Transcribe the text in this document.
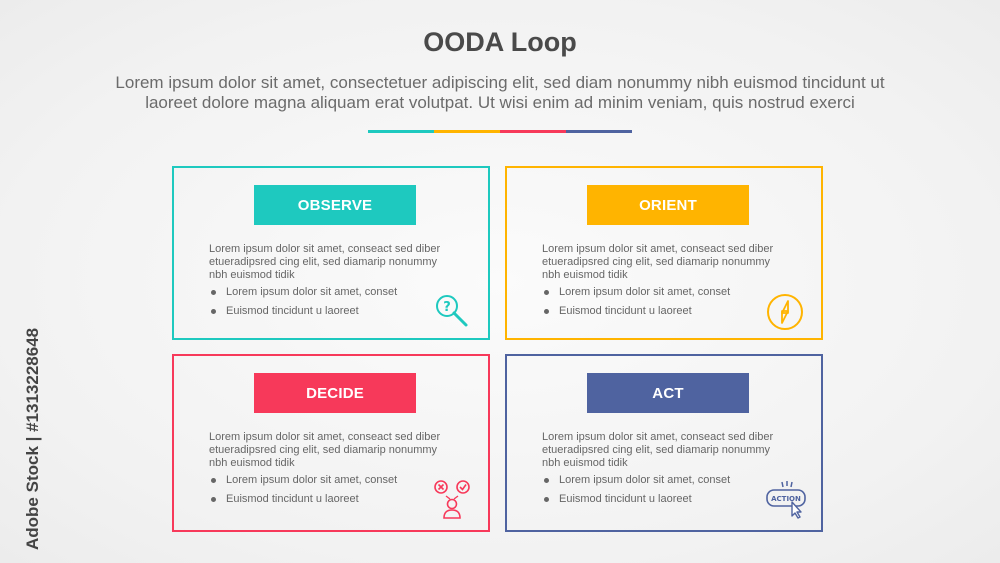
OODA Loop
Lorem ipsum dolor sit amet, consectetuer adipiscing elit, sed diam nonummy nibh euismod tincidunt ut
laoreet dolore magna aliquam erat volutpat. Ut wisi enim ad minim veniam, quis nostrud exerci
OBSERVE
Lorem ipsum dolor sit amet, conseact sed diber
etueradipsred cing elit, sed diamarip nonummy
nbh euismod tidik
Lorem ipsum dolor sit amet, conset
Euismod tincidunt u laoreet	?
ORIENT
Lorem ipsum dolor sit amet, conseact sed diber
etueradipsred cing elit, sed diamarip nonummy
nbh euismod tidik
Lorem ipsum dolor sit amet, conset
Euismod tincidunt u laoreet
DECIDE
Lorem ipsum dolor sit amet, conseact sed diber
etueradipsred cing elit, sed diamarip nonummy
nbh euismod tidik
Lorem ipsum dolor sit amet, conset
Euismod tincidunt u laoreet
ACT
Lorem ipsum dolor sit amet, conseact sed diber
etueradipsred cing elit, sed diamarip nonummy
nbh euismod tidik
Lorem ipsum dolor sit amet, conset
Euismod tincidunt u laoreet	ACTION
Adobe Stock | #1313228648
